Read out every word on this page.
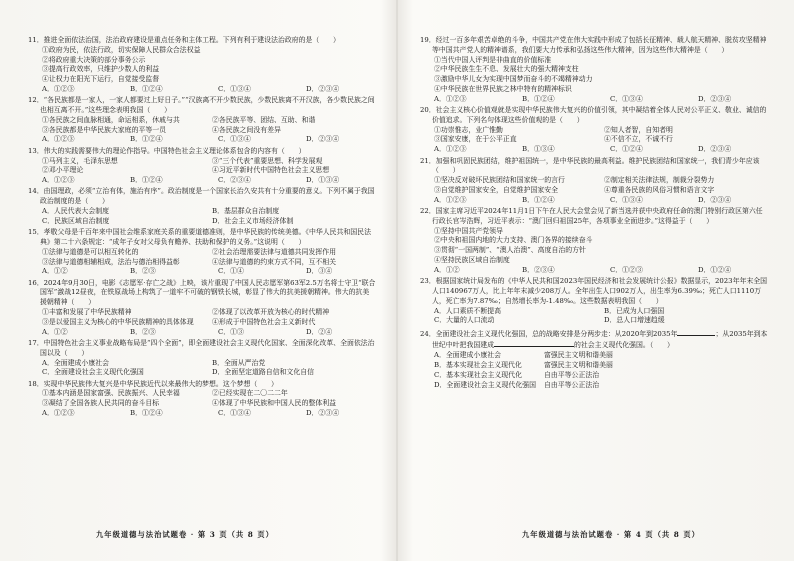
11．推进全面依法治国，法治政府建设是重点任务和主体工程。下列有利于建设法治政府的是（　　）
①政府为民，依法行政，切实保障人民群众合法权益
②将政府重大决策的部分事务公示
③提高行政效率，只维护少数人的利益
④让权力在阳光下运行，自觉接受监督
A．①②③	B．①②④	C．①③④	D．②③④
12．“各民族都是一家人，一家人都要过上好日子。”“汉族离不开少数民族，少数民族离不开汉族，各少数民族之间也相互离不开。”这些理念表明我国（　　）
①各民族之间血脉相通，命运相系，休戚与共	②各民族平等、团结、互助、和谐
③各民族都是中华民族大家庭的平等一员	④各民族之间没有差异
A．①②③	B．①②④	C．①③④	D．②③④
13．伟大的实践需要伟大的理论作指导。中国特色社会主义理论体系包含的内容有（　　）
①马列主义，毛泽东思想	③“三个代表”重要思想、科学发展观
②邓小平理论	④习近平新时代中国特色社会主义思想
A．①②③	B．①②④	C．②③④	D．①③④
14．由国理政，必须“立治有体，施治有序”。政治制度是一个国家长治久安共有十分重要的意义。下列不属于我国政治制度的是（　　）
A．人民代表大会制度	B．基层群众自治制度
C．民族区域自治制度	D．社会主义市场经济体制
15．孝敬父母是千百年来中国社会维系家庭关系的重要道德准则，是中华民族的传统美德。《中华人民共和国民法典》第二十六条规定：“成年子女对父母负有赡养、扶助和保护的义务。”这说明（　　）
①法律与道德是可以相互转化的	②社会治理需要法律与道德共同发挥作用
③法律与道德相辅相成，法治与德治相得益彰	④法律与道德的约束方式不同，互不相关
A．①②	B．②③	C．①④	D．③④
16．2024年9月30日，电影《志愿军·存亡之战》上映，该片重现了中国人民志愿军第63军2.5万名将士守卫“联合国军”激战12昼夜，在铁原战场上构筑了一道牢不可破的钢铁长城，彰显了伟大的抗美援朝精神。伟大的抗美援朝精神（　　）
①丰富和发展了中华民族精神	②体现了以改革开放为核心的时代精神
③是以爱国主义为核心的中华民族精神的具体体现	④形成于中国特色社会主义新时代
A．①②	B．②③	C．①③	D．②④
17．中国特色社会主义事业战略布局是“四个全面”，即全面建设社会主义现代化国家、全面深化改革、全面依法治国以及（　　）
A．全面建成小康社会	B．全面从严治党
C．全面建设社会主义现代化强国	D．全面坚定道路自信和文化自信
18．实现中华民族伟大复兴是中华民族近代以来最伟大的梦想。这个梦想（　　）
①基本内涵是国家富强、民族振兴、人民幸福	②已经实现在二〇二二年
③凝结了全国各族人民共同的奋斗目标	④体现了中华民族和中国人民的整体利益
A．①②③	B．①②④	C．①③④	D．②③④
九年级道德与法治试题卷 · 第 3 页（共 8 页）
19．经过一百多年艰苦卓绝的斗争，中国共产党在伟大实践中形成了包括长征精神、载人航天精神、脱贫攻坚精神等中国共产党人的精神谱系，我们要大力传承和弘扬这些伟大精神，因为这些伟大精神是（　　）
①当代中国人评判是非曲直的价值标准
②中华民族生生不息、发展壮大的强大精神支柱
③激励中华儿女为实现中国梦而奋斗的不竭精神动力
④中华民族在世界民族之林中特有的精神标识
A．①②③	B．①②④	C．①③④	D．②③④
20．社会主义核心价值观就是实现中华民族伟大复兴的价值引领，其中凝结着全体人民对公平正义、敬业、诚信的价值追求。下列名句体现这些价值观的是（　　）
①功崇惟志，业广惟勤	②知人者智，自知者明
③国家安康，在于公平正直	④不信不立，不诚不行
A．①②③	B．①③④	C．①②④	D．②③④
21．加强和巩固民族团结，维护祖国统一，是中华民族的最高利益。维护民族团结和国家统一，我们青少年应该（　　）
①坚决反对破坏民族团结和国家统一的言行	②制定相关法律法规，制裁分裂势力
③自觉维护国家安全，自觉维护国家安全	④尊重各民族的风俗习惯和语言文字
A．①②③	B．①②④	C．①③④	D．②③④
22．国家主席习近平2024年11月1日下午在人民大会堂会见了新当选并获中央政府任命的澳门特别行政区第六任行政长官岑浩辉，习近平表示：“澳门回归祖国25年，各项事业全面进步。”这得益于（　　）
①坚持中国共产党领导
②中央和祖国内地的大力支持、澳门各界的接续奋斗
③贯彻“一国两制”、“澳人治澳”、高度自治的方针
④坚持民族区域自治制度
A．①②	B．②③④	C．①②③	D．①②④
23．根据国家统计局发布的《中华人民共和国2023年国民经济和社会发展统计公报》数据显示，2023年年末全国人口140967万人，比上年年末减少208万人。全年出生人口902万人，出生率为6.39‰；死亡人口1110万人，死亡率为7.87‰；自然增长率为-1.48‰。这些数据表明我国（　　）
A．人口素质不断提高	B．已成为人口强国
C．大量的人口流动	D．总人口增速趋缓
24．全面建设社会主义现代化强国，总的战略安排是分两步走：从2020年到2035年	；从2035年到本世纪中叶把我国建成	的社会主义现代化强国。（　　）
A．全面建成小康社会	富强民主文明和谐美丽
B．基本实现社会主义现代化	富强民主文明和谐美丽
C．基本实现社会主义现代化	自由平等公正法治
D．全面建设社会主义现代化强国	自由平等公正法治
九年级道德与法治试题卷 · 第 4 页（共 8 页）
